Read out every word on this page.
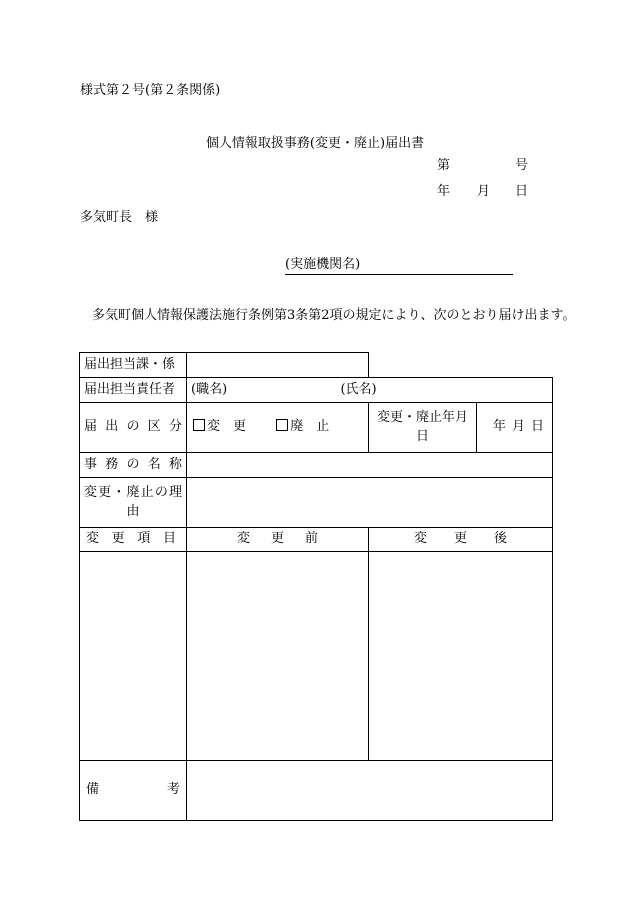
様式第２号(第２条関係)
個人情報取扱事務(変更・廃止)届出書
第	号
年 月 日
多気町長　様
(実施機関名)
多気町個人情報保護法施行条例第3条第2項の規定により、次のとおり届け出ます。
届出担当課・係			
届出担当責任者	(職名) (氏名)		

届 出 の 区 分	変　更 廃　止	変更・廃止年月日	年 月 日

事 務 の 名 称			

変更・廃止の理由			

変 更 項 目	変 更 前	変 更 後	

備 考			
